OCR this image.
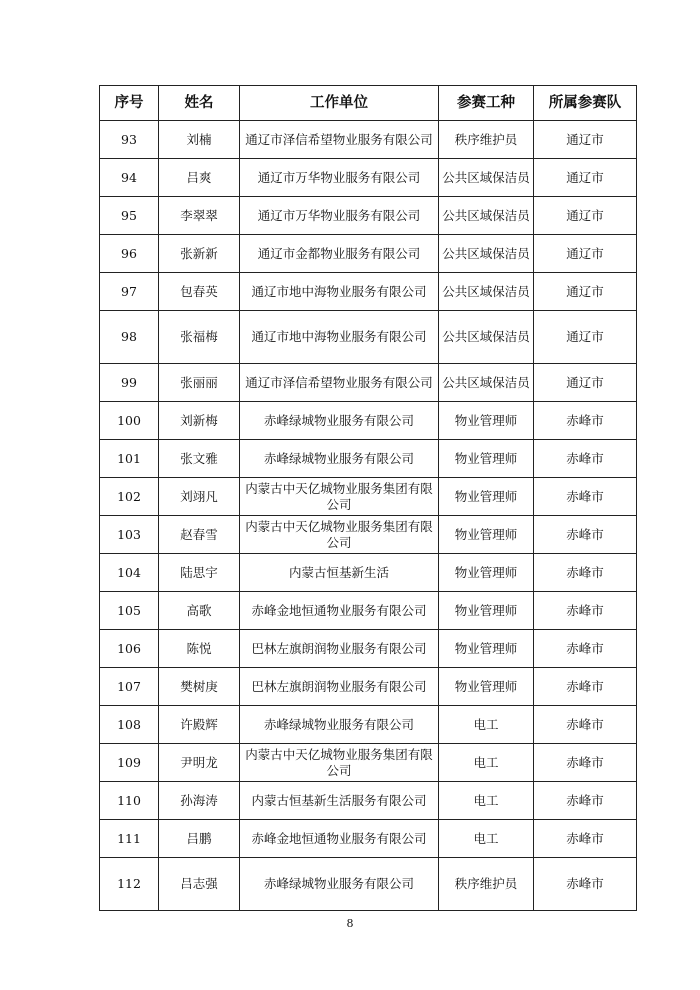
序号	姓名	工作单位	参赛工种	所属参赛队
93	刘楠	通辽市泽信希望物业服务有限公司	秩序维护员	通辽市
94	吕爽	通辽市万华物业服务有限公司	公共区域保洁员	通辽市
95	李翠翠	通辽市万华物业服务有限公司	公共区域保洁员	通辽市
96	张新新	通辽市金都物业服务有限公司	公共区域保洁员	通辽市
97	包春英	通辽市地中海物业服务有限公司	公共区域保洁员	通辽市
98	张福梅	通辽市地中海物业服务有限公司	公共区域保洁员	通辽市
99	张丽丽	通辽市泽信希望物业服务有限公司	公共区域保洁员	通辽市
100	刘新梅	赤峰绿城物业服务有限公司	物业管理师	赤峰市
101	张文雅	赤峰绿城物业服务有限公司	物业管理师	赤峰市
102	刘翊凡	内蒙古中天亿城物业服务集团有限公司	物业管理师	赤峰市
103	赵春雪	内蒙古中天亿城物业服务集团有限公司	物业管理师	赤峰市
104	陆思宇	内蒙古恒基新生活	物业管理师	赤峰市
105	高歌	赤峰金地恒通物业服务有限公司	物业管理师	赤峰市
106	陈悦	巴林左旗朗润物业服务有限公司	物业管理师	赤峰市
107	樊树庚	巴林左旗朗润物业服务有限公司	物业管理师	赤峰市
108	许殿辉	赤峰绿城物业服务有限公司	电工	赤峰市
109	尹明龙	内蒙古中天亿城物业服务集团有限公司	电工	赤峰市
110	孙海涛	内蒙古恒基新生活服务有限公司	电工	赤峰市
111	吕鹏	赤峰金地恒通物业服务有限公司	电工	赤峰市
112	吕志强	赤峰绿城物业服务有限公司	秩序维护员	赤峰市
8
